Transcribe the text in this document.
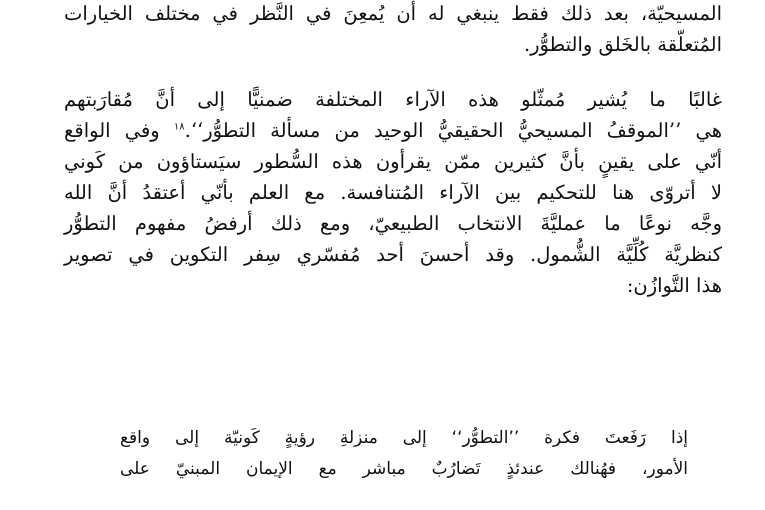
المسيحيّة، بعد ذلك فقط ينبغي له أن يُمعِنَ في النَّظر في مختلف الخيارات
المُتعلّقة بالخَلق والتطوُّر.
غالبًا ما يُشير مُمثّلو هذه الآراء المختلفة ضمنيًّا إلى أنَّ مُقارَبتهم
هي ’’الموقفُ المسيحيُّ الحقيقيُّ الوحيد من مسألة التطوُّر‘‘.$^{١٨}$ وفي الواقع
أنّي على يقينٍ بأنَّ كثيرين ممّن يقرأون هذه السُّطور سيَستاؤون من كَوني
لا أتروّى هنا للتحكيم بين الآراء المُتنافسة. مع العلم بأنّي أعتقدُ أنَّ الله
وجَّه نوعًا ما عمليَّةَ الانتخاب الطبيعيّ، ومع ذلك أرفضُ مفهوم التطوُّر
كنظريَّة كُلِّيَّة الشُّمول. وقد أحسنَ أحد مُفسّري سِفر التكوين في تصوير
هذا التَّوازُن:
إذا رَفَعتَ فكرة ’’التطوُّر‘‘ إلى منزلةِ رؤيةٍ كَونيّة إلى واقع
الأمور، فهُنالك عندئذٍ تَضارُبٌ مباشر مع الإيمان المبنيّ على
